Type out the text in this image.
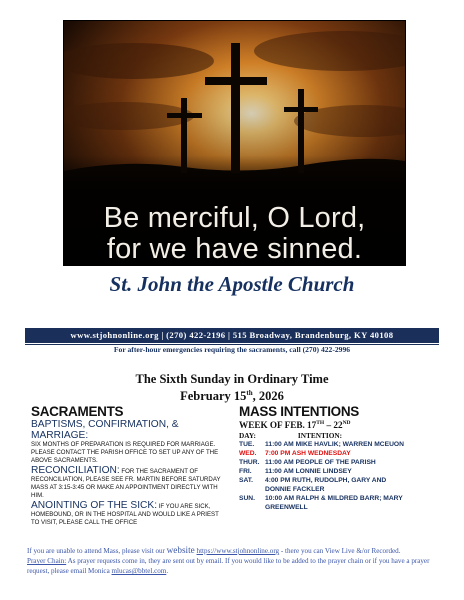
Be merciful, O Lord,
for we have sinned.
St. John the Apostle Church
www.stjohnonline.org | (270) 422-2196 | 515 Broadway, Brandenburg, KY 40108
For after-hour emergencies requiring the sacraments, call (270) 422-2996
The Sixth Sunday in Ordinary Time
February 15th, 2026
SACRAMENTS
BAPTISMS, CONFIRMATION, & MARRIAGE:
SIX MONTHS OF PREPARATION IS REQUIRED FOR MARRIAGE. PLEASE CONTACT THE PARISH OFFICE TO SET UP ANY OF THE ABOVE SACRAMENTS.
RECONCILIATION: FOR THE SACRAMENT OF RECONCILIATION, PLEASE SEE FR. MARTIN BEFORE SATURDAY MASS AT 3:15-3:45 OR MAKE AN APPOINTMENT DIRECTLY WITH HIM.
ANOINTING OF THE SICK: IF YOU ARE SICK, HOMEBOUND, OR IN THE HOSPITAL AND WOULD LIKE A PRIEST TO VISIT, PLEASE CALL THE OFFICE
MASS INTENTIONS
WEEK OF FEB. 17TH – 22ND
DAY:	INTENTION:
TUE. 11:00 AM MIKE HAVLIK; WARREN MCEUON
WED. 7:00 PM ASH WEDNESDAY
THUR. 11:00 AM PEOPLE OF THE PARISH
FRI. 11:00 AM LONNIE LINDSEY
SAT. 4:00 PM RUTH, RUDOLPH, GARY AND
DONNIE FACKLER
SUN. 10:00 AM RALPH & MILDRED BARR; MARY
GREENWELL
If you are unable to attend Mass, please visit our website https://www.stjohnonline.org - there you can View Live &/or Recorded.
Prayer Chain: As prayer requests come in, they are sent out by email. If you would like to be added to the prayer chain or if you have a prayer request, please email Monica mlucas@bbtel.com.
